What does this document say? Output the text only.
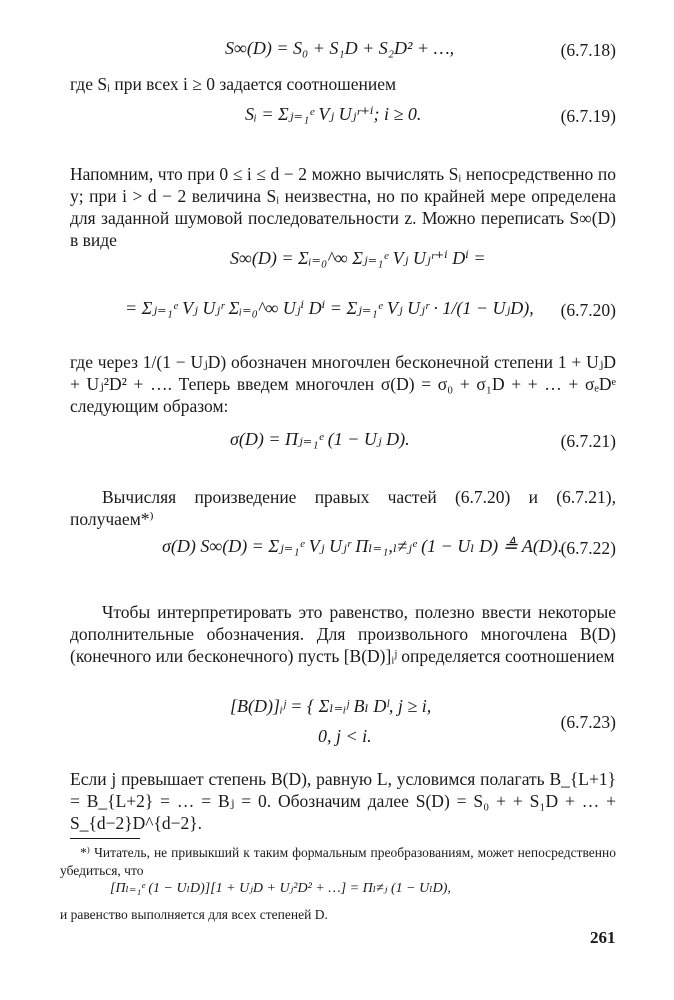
S∞(D) = S₀ + S₁D + S₂D² + …,	(6.7.18)

где Sᵢ при всех i ≥ 0 задается соотношением

Sᵢ = Σⱼ₌₁ᵉ Vⱼ Uⱼʳ⁺ⁱ; i ≥ 0.	(6.7.19)

Напомним, что при 0 ≤ i ≤ d − 2 можно вычислять Sᵢ непосредственно по y; при i > d − 2 величина Sᵢ неизвестна, но по крайней мере определена для заданной шумовой последовательности z. Можно переписать S∞(D) в виде

S∞(D) = Σᵢ₌₀^∞ Σⱼ₌₁ᵉ Vⱼ Uⱼʳ⁺ⁱ Dⁱ =
= Σⱼ₌₁ᵉ Vⱼ Uⱼʳ Σᵢ₌₀^∞ Uⱼⁱ Dⁱ = Σⱼ₌₁ᵉ Vⱼ Uⱼʳ · 1/(1 − UⱼD), (6.7.20)

где через 1/(1 − UⱼD) обозначен многочлен бесконечной степени 1 + UⱼD + Uⱼ²D² + …. Теперь введем многочлен σ(D) = σ₀ + σ₁D + + … + σₑDᵉ следующим образом:

σ(D) = Πⱼ₌₁ᵉ (1 − Uⱼ D).	(6.7.21)

Вычисляя произведение правых частей (6.7.20) и (6.7.21), получаем*⁾

σ(D) S∞(D) = Σⱼ₌₁ᵉ Vⱼ Uⱼʳ Πₗ₌₁,ₗ≠ⱼᵉ (1 − Uₗ D) ≜ A(D).
(6.7.22)

Чтобы интерпретировать это равенство, полезно ввести некоторые дополнительные обозначения. Для произвольного многочлена B(D) (конечного или бесконечного) пусть [B(D)]ᵢʲ определяется соотношением

[B(D)]ᵢʲ = { Σₗ₌ᵢʲ Bₗ Dˡ, j ≥ i,
0, j < i.
(6.7.23)

Если j превышает степень B(D), равную L, условимся полагать B_{L+1} = B_{L+2} = … = Bⱼ = 0. Обозначим далее S(D) = S₀ + + S₁D + … + S_{d−2}D^{d−2}.

*⁾ Читатель, не привыкший к таким формальным преобразованиям, может непосредственно убедиться, что

[Πₗ₌₁ᵉ (1 − UₗD)][1 + UⱼD + Uⱼ²D² + …] = Πₗ≠ⱼ (1 − UₗD),

и равенство выполняется для всех степеней D.

261
